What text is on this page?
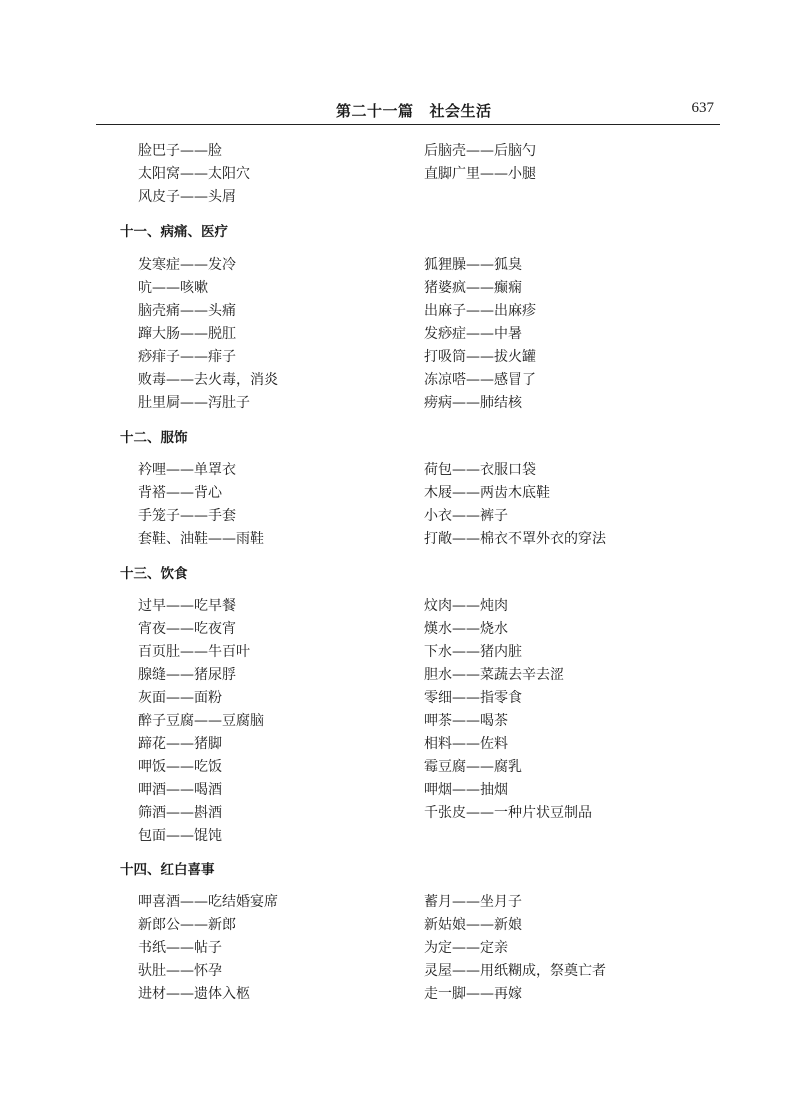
第二十一篇 社会生活	637
脸巴子——脸
太阳窝——太阳穴
风皮子——头屑
后脑壳——后脑勺
直脚广里——小腿
十一、病痛、医疗
发寒症——发冷
吭——咳嗽
脑壳痛——头痛
蹿大肠——脱肛
痧痱子——痱子
败毒——去火毒，消炎
肚里屙——泻肚子
狐狸臊——狐臭
猪婆疯——癫痫
出麻子——出麻疹
发痧症——中暑
打吸筒——拔火罐
冻凉嗒——感冒了
痨病——肺结核
十二、服饰
衿哩——单罩衣
背褡——背心
手笼子——手套
套鞋、油鞋——雨鞋
荷包——衣服口袋
木屐——两齿木底鞋
小衣——裤子
打敞——棉衣不罩外衣的穿法
十三、饮食
过早——吃早餐
宵夜——吃夜宵
百页肚——牛百叶
腺缝——猪尿脬
灰面——面粉
醉子豆腐——豆腐脑
蹄花——猪脚
呷饭——吃饭
呷酒——喝酒
筛酒——斟酒
包面——馄饨
炆肉——炖肉
熯水——烧水
下水——猪内脏
胆水——菜蔬去辛去涩
零细——指零食
呷茶——喝茶
相料——佐料
霉豆腐——腐乳
呷烟——抽烟
千张皮——一种片状豆制品
十四、红白喜事
呷喜酒——吃结婚宴席
新郎公——新郎
书纸——帖子
驮肚——怀孕
进材——遗体入柩
蓄月——坐月子
新姑娘——新娘
为定——定亲
灵屋——用纸糊成，祭奠亡者
走一脚——再嫁
